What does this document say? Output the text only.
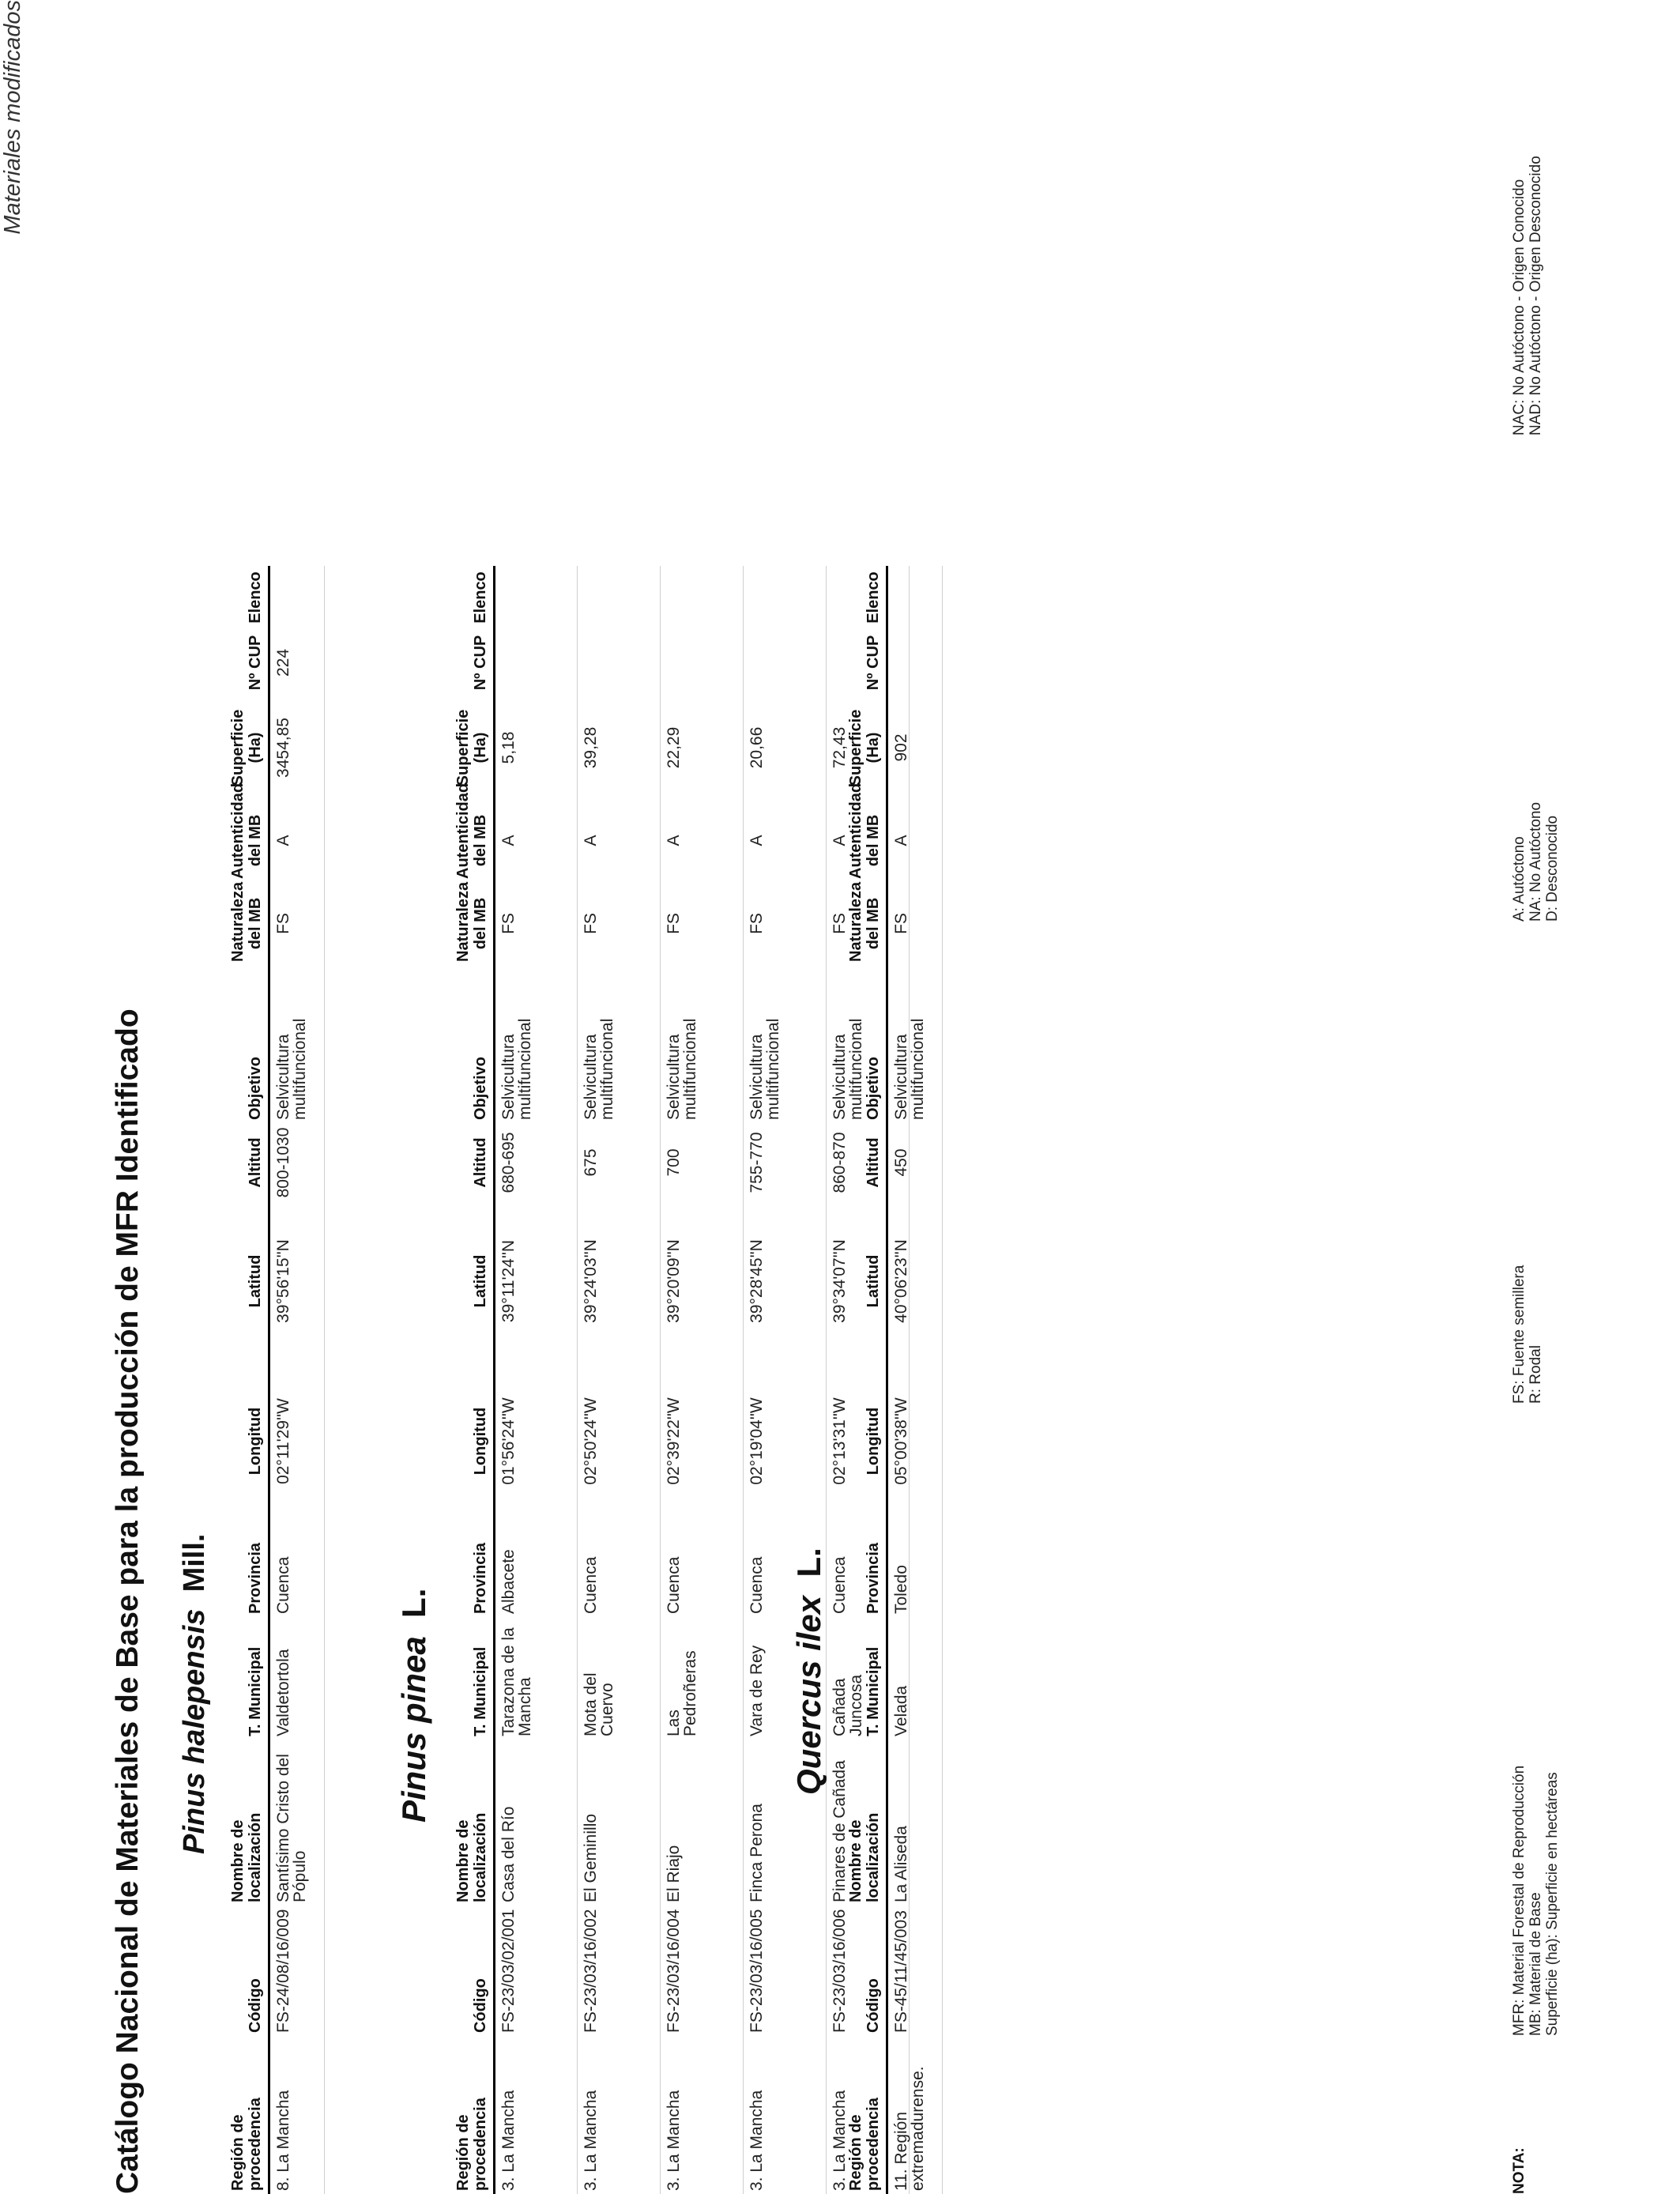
Catálogo Nacional de Materiales de Base para la producción de MFR Identificado
Materiales modificados
Pinus halepensis  Mill.
Región de procedencia	Código	Nombre de localización	T. Municipal	Provincia	Longitud	Latitud	Altitud	Objetivo	Naturaleza del MB	Autenticidad del MB	Superficie (Ha)	Nº CUP	Elenco
8. La Mancha	FS-24/08/16/009	Santísimo Cristo del Pópulo	Valdetortola	Cuenca	02°11'29''W	39°56'15''N	800-1030	Selvicultura multifuncional	FS	A	3454,85	224	
Pinus pinea  L.
Región de procedencia	Código	Nombre de localización	T. Municipal	Provincia	Longitud	Latitud	Altitud	Objetivo	Naturaleza del MB	Autenticidad del MB	Superficie (Ha)	Nº CUP	Elenco
3. La Mancha	FS-23/03/02/001	Casa del Río	Tarazona de la Mancha	Albacete	01°56'24''W	39°11'24''N	680-695	Selvicultura multifuncional	FS	A	5,18		
3. La Mancha	FS-23/03/16/002	El Geminillo	Mota del Cuervo	Cuenca	02°50'24''W	39°24'03''N	675	Selvicultura multifuncional	FS	A	39,28		
3. La Mancha	FS-23/03/16/004	El Riajo	Las Pedroñeras	Cuenca	02°39'22''W	39°20'09''N	700	Selvicultura multifuncional	FS	A	22,29		
3. La Mancha	FS-23/03/16/005	Finca Perona	Vara de Rey	Cuenca	02°19'04''W	39°28'45''N	755-770	Selvicultura multifuncional	FS	A	20,66		
3. La Mancha	FS-23/03/16/006	Pinares de Cañada	Cañada Juncosa	Cuenca	02°13'31''W	39°34'07''N	860-870	Selvicultura multifuncional	FS	A	72,43		
Quercus ilex  L.
Región de procedencia	Código	Nombre de localización	T. Municipal	Provincia	Longitud	Latitud	Altitud	Objetivo	Naturaleza del MB	Autenticidad del MB	Superficie (Ha)	Nº CUP	Elenco
11. Región extremadurense.	FS-45/11/45/003	La Aliseda	Velada	Toledo	05°00'38''W	40°06'23''N	450	Selvicultura multifuncional	FS	A	902		
NOTA:
MFR: Material Forestal de Reproducción MB: Material de Base Superficie (ha): Superficie en hectáreas
FS: Fuente semillera R: Rodal
A: Autóctono NA: No Autóctono D: Desconocido
NAC: No Autóctono - Origen Conocido NAD: No Autóctono - Origen Desconocido
